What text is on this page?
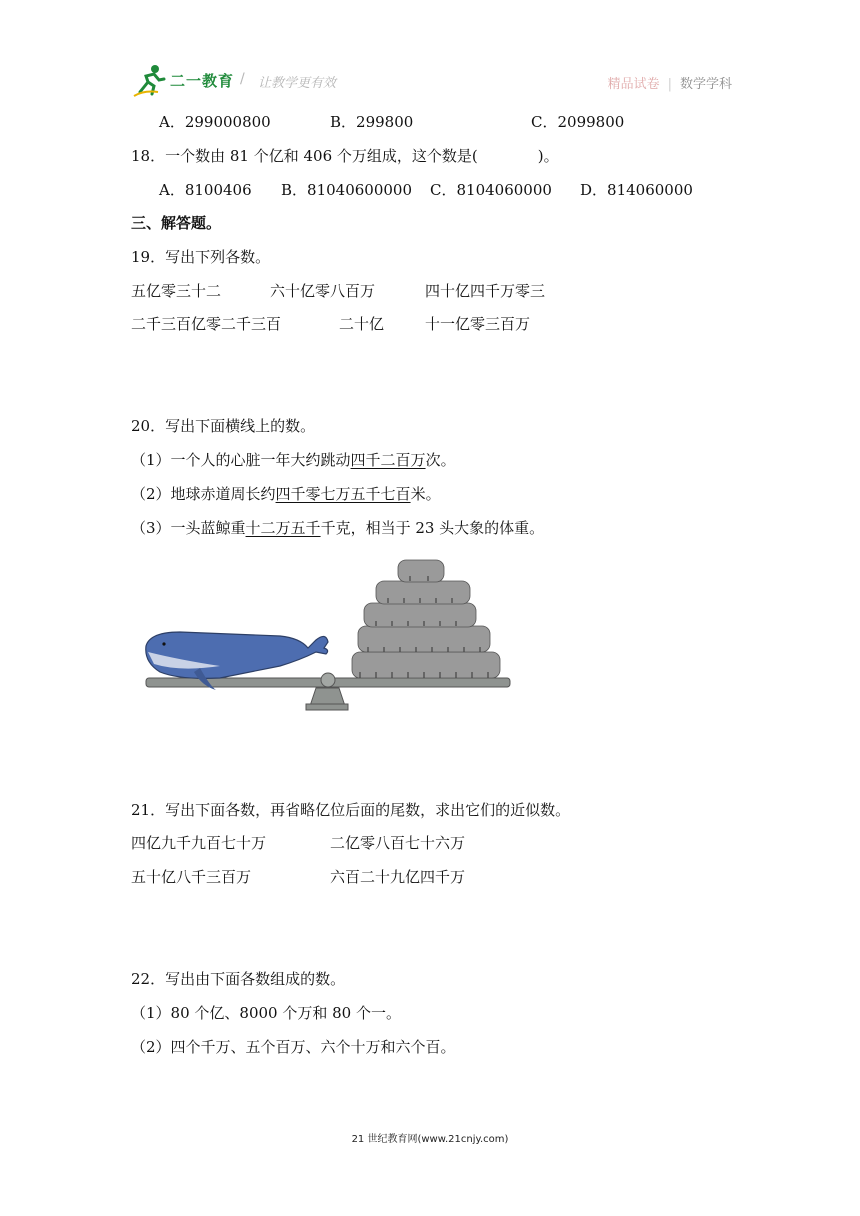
二一教育 / 让教学更有效	精品试卷 | 数学学科
A．299000800	B．299800	C．2099800
18．一个数由 81 个亿和 406 个万组成，这个数是(　　　　)。
A．8100406 B．81040600000 C．8104060000 D．814060000
三、解答题。
19．写出下列各数。
五亿零三十二	六十亿零八百万	四十亿四千万零三
二千三百亿零二千三百	二十亿	十一亿零三百万
20．写出下面横线上的数。
（1）一个人的心脏一年大约跳动四千二百万次。
（2）地球赤道周长约四千零七万五千七百米。
（3）一头蓝鲸重十二万五千千克，相当于 23 头大象的体重。
21．写出下面各数，再省略亿位后面的尾数，求出它们的近似数。
四亿九千九百七十万	二亿零八百七十六万
五十亿八千三百万	六百二十九亿四千万
22．写出由下面各数组成的数。
（1）80 个亿、8000 个万和 80 个一。
（2）四个千万、五个百万、六个十万和六个百。
21 世纪教育网(www.21cnjy.com)
